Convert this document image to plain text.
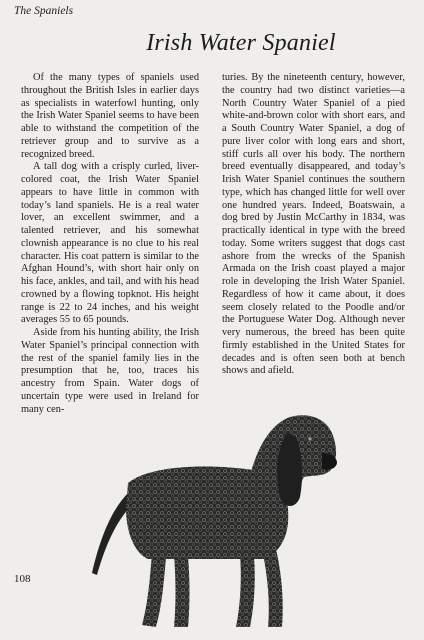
The Spaniels
Irish Water Spaniel

Of the many types of spaniels used throughout the British Isles in earlier days as specialists in waterfowl hunting, only the Irish Water Spaniel seems to have been able to withstand the competition of the retriever group and to survive as a recognized breed.

A tall dog with a crisply curled, liver-colored coat, the Irish Water Spaniel appears to have little in common with today’s land spaniels. He is a real water lover, an excellent swimmer, and a talented retriever, and his somewhat clownish appearance is no clue to his real character. His coat pattern is similar to the Afghan Hound’s, with short hair only on his face, ankles, and tail, and with his head crowned by a flowing topknot. His height range is 22 to 24 inches, and his weight averages 55 to 65 pounds.

Aside from his hunting ability, the Irish Water Spaniel’s principal connection with the rest of the spaniel family lies in the presumption that he, too, traces his ancestry from Spain. Water dogs of uncertain type were used in Ireland for many cen-

turies. By the nineteenth century, however, the country had two distinct varieties—a North Country Water Spaniel of a pied white-and-brown color with short ears, and a South Country Water Spaniel, a dog of pure liver color with long ears and short, stiff curls all over his body. The northern breed eventually disappeared, and today’s Irish Water Spaniel continues the southern type, which has changed little for well over one hundred years. Indeed, Boatswain, a dog bred by Justin McCarthy in 1834, was practically identical in type with the breed today. Some writers suggest that dogs cast ashore from the wrecks of the Spanish Armada on the Irish coast played a major role in developing the Irish Water Spaniel. Regardless of how it came about, it does seem closely related to the Poodle and/or the Portuguese Water Dog. Although never very numerous, the breed has been quite firmly established in the United States for decades and is often seen both at bench shows and afield.

108
